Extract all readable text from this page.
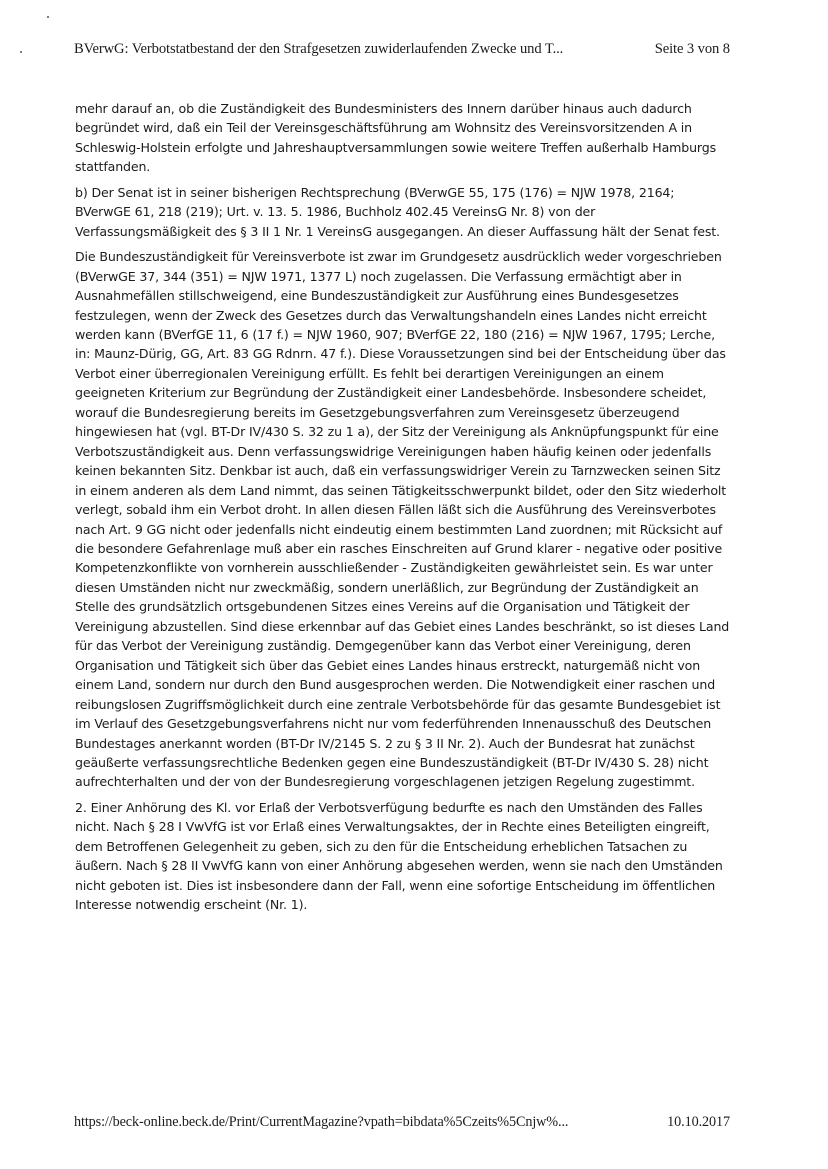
BVerwG: Verbotstatbestand der den Strafgesetzen zuwiderlaufenden Zwecke und T...	Seite 3 von 8

mehr darauf an, ob die Zuständigkeit des Bundesministers des Innern darüber hinaus auch dadurch begründet wird, daß ein Teil der Vereinsgeschäftsführung am Wohnsitz des Vereinsvorsitzenden A in Schleswig-Holstein erfolgte und Jahreshauptversammlungen sowie weitere Treffen außerhalb Hamburgs stattfanden.

b) Der Senat ist in seiner bisherigen Rechtsprechung (BVerwGE 55, 175 (176) = NJW 1978, 2164; BVerwGE 61, 218 (219); Urt. v. 13. 5. 1986, Buchholz 402.45 VereinsG Nr. 8) von der Verfassungsmäßigkeit des § 3 II 1 Nr. 1 VereinsG ausgegangen. An dieser Auffassung hält der Senat fest.

Die Bundeszuständigkeit für Vereinsverbote ist zwar im Grundgesetz ausdrücklich weder vorgeschrieben (BVerwGE 37, 344 (351) = NJW 1971, 1377 L) noch zugelassen. Die Verfassung ermächtigt aber in Ausnahmefällen stillschweigend, eine Bundeszuständigkeit zur Ausführung eines Bundesgesetzes festzulegen, wenn der Zweck des Gesetzes durch das Verwaltungshandeln eines Landes nicht erreicht werden kann (BVerfGE 11, 6 (17 f.) = NJW 1960, 907; BVerfGE 22, 180 (216) = NJW 1967, 1795; Lerche, in: Maunz-Dürig, GG, Art. 83 GG Rdnrn. 47 f.). Diese Voraussetzungen sind bei der Entscheidung über das Verbot einer überregionalen Vereinigung erfüllt. Es fehlt bei derartigen Vereinigungen an einem geeigneten Kriterium zur Begründung der Zuständigkeit einer Landesbehörde. Insbesondere scheidet, worauf die Bundesregierung bereits im Gesetzgebungsverfahren zum Vereinsgesetz überzeugend hingewiesen hat (vgl. BT-Dr IV/430 S. 32 zu 1 a), der Sitz der Vereinigung als Anknüpfungspunkt für eine Verbotszuständigkeit aus. Denn verfassungswidrige Vereinigungen haben häufig keinen oder jedenfalls keinen bekannten Sitz. Denkbar ist auch, daß ein verfassungswidriger Verein zu Tarnzwecken seinen Sitz in einem anderen als dem Land nimmt, das seinen Tätigkeitsschwerpunkt bildet, oder den Sitz wiederholt verlegt, sobald ihm ein Verbot droht. In allen diesen Fällen läßt sich die Ausführung des Vereinsverbotes nach Art. 9 GG nicht oder jedenfalls nicht eindeutig einem bestimmten Land zuordnen; mit Rücksicht auf die besondere Gefahrenlage muß aber ein rasches Einschreiten auf Grund klarer - negative oder positive Kompetenzkonflikte von vornherein ausschließender - Zuständigkeiten gewährleistet sein. Es war unter diesen Umständen nicht nur zweckmäßig, sondern unerläßlich, zur Begründung der Zuständigkeit an Stelle des grundsätzlich ortsgebundenen Sitzes eines Vereins auf die Organisation und Tätigkeit der Vereinigung abzustellen. Sind diese erkennbar auf das Gebiet eines Landes beschränkt, so ist dieses Land für das Verbot der Vereinigung zuständig. Demgegenüber kann das Verbot einer Vereinigung, deren Organisation und Tätigkeit sich über das Gebiet eines Landes hinaus erstreckt, naturgemäß nicht von einem Land, sondern nur durch den Bund ausgesprochen werden. Die Notwendigkeit einer raschen und reibungslosen Zugriffsmöglichkeit durch eine zentrale Verbotsbehörde für das gesamte Bundesgebiet ist im Verlauf des Gesetzgebungsverfahrens nicht nur vom federführenden Innenausschuß des Deutschen Bundestages anerkannt worden (BT-Dr IV/2145 S. 2 zu § 3 II Nr. 2). Auch der Bundesrat hat zunächst geäußerte verfassungsrechtliche Bedenken gegen eine Bundeszuständigkeit (BT-Dr IV/430 S. 28) nicht aufrechterhalten und der von der Bundesregierung vorgeschlagenen jetzigen Regelung zugestimmt.

2. Einer Anhörung des Kl. vor Erlaß der Verbotsverfügung bedurfte es nach den Umständen des Falles nicht. Nach § 28 I VwVfG ist vor Erlaß eines Verwaltungsaktes, der in Rechte eines Beteiligten eingreift, dem Betroffenen Gelegenheit zu geben, sich zu den für die Entscheidung erheblichen Tatsachen zu äußern. Nach § 28 II VwVfG kann von einer Anhörung abgesehen werden, wenn sie nach den Umständen nicht geboten ist. Dies ist insbesondere dann der Fall, wenn eine sofortige Entscheidung im öffentlichen Interesse notwendig erscheint (Nr. 1).

https://beck-online.beck.de/Print/CurrentMagazine?vpath=bibdata%5Czeits%5Cnjw%...	10.10.2017
